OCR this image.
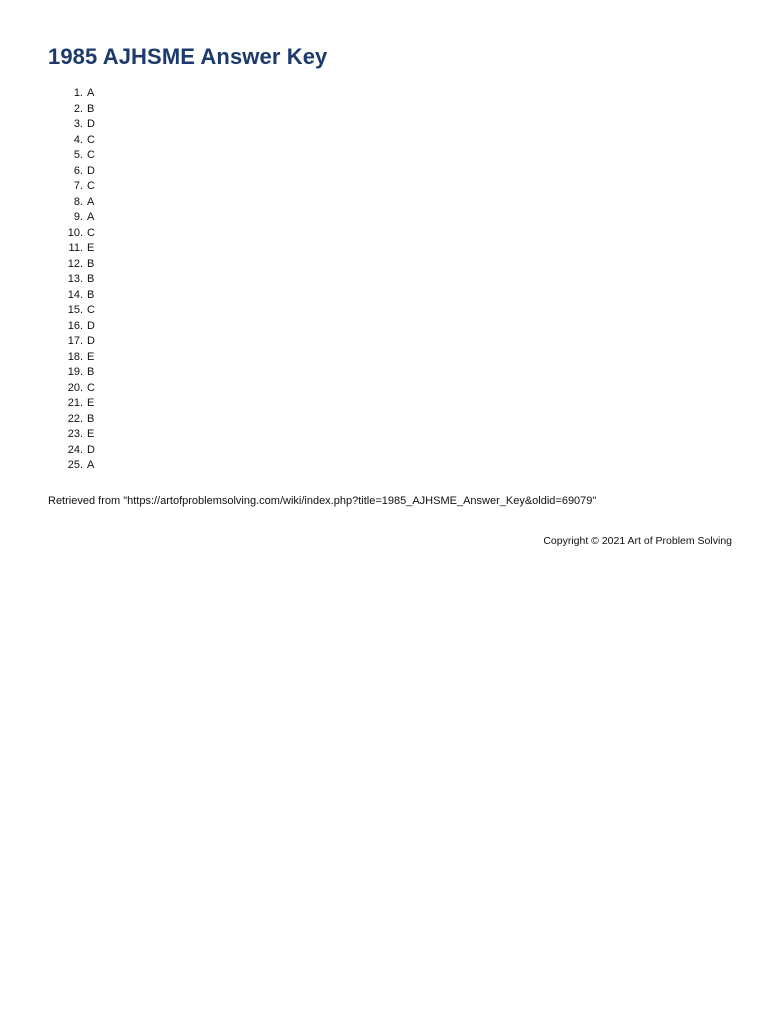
1985 AJHSME Answer Key
1. A
2. B
3. D
4. C
5. C
6. D
7. C
8. A
9. A
10. C
11. E
12. B
13. B
14. B
15. C
16. D
17. D
18. E
19. B
20. C
21. E
22. B
23. E
24. D
25. A
Retrieved from "https://artofproblemsolving.com/wiki/index.php?title=1985_AJHSME_Answer_Key&oldid=69079"
Copyright © 2021 Art of Problem Solving
